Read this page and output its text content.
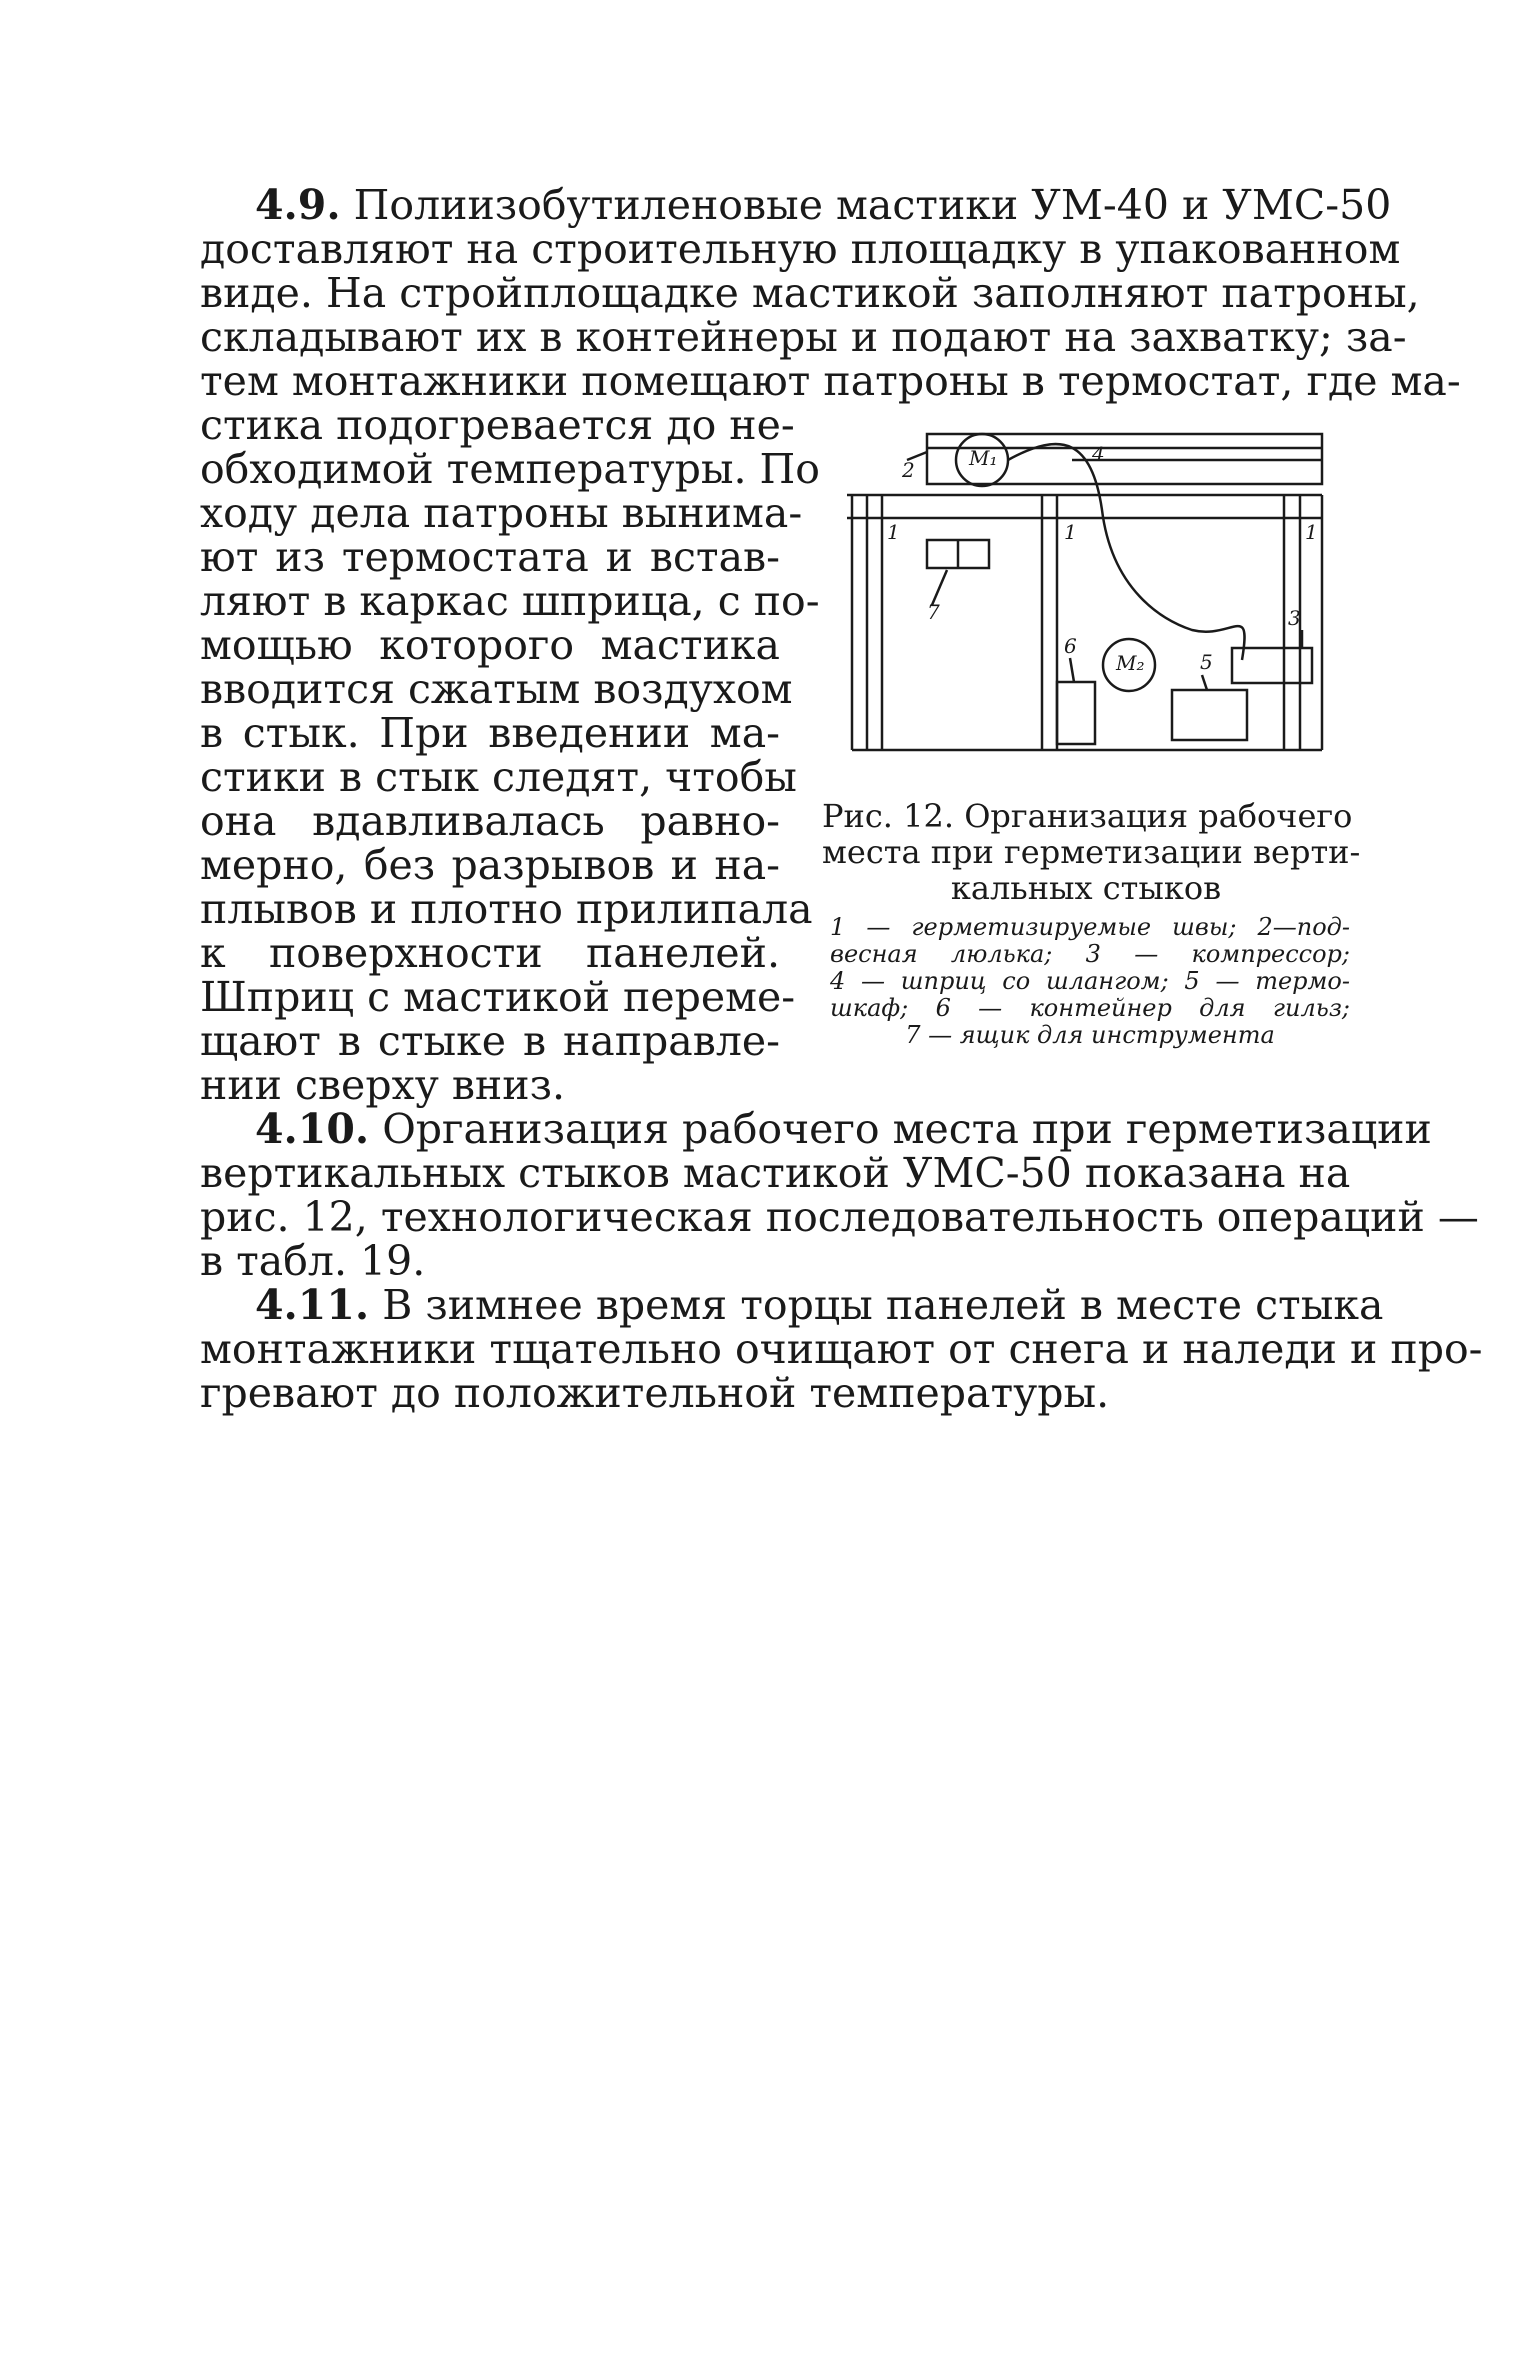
4.9. Полиизобутиленовые мастики УМ-40 и УМС-50
доставляют на строительную площадку в упакованном
виде. На стройплощадке мастикой заполняют патроны,
складывают их в контейнеры и подают на захватку; за-
тем монтажники помещают патроны в термостат, где ма-
стика подогревается до не-
обходимой температуры. По
ходу дела патроны вынима-
ют из термостата и встав-
ляют в каркас шприца, с по-
мощью которого мастика
вводится сжатым воздухом
в стык. При введении ма-
стики в стык следят, чтобы
она вдавливалась равно-
мерно, без разрывов и на-
плывов и плотно прилипала
к поверхности панелей.
Шприц с мастикой переме-
щают в стыке в направле-
нии сверху вниз.
4.10. Организация рабочего места при герметизации
вертикальных стыков мастикой УМС-50 показана на
рис. 12, технологическая последовательность операций —
в табл. 19.
4.11. В зимнее время торцы панелей в месте стыка
монтажники тщательно очищают от снега и наледи и про-
гревают до положительной температуры.
M₁
M₂
2
4
1	1	1
7
6
5
3
Рис. 12. Организация рабочего
места при герметизации верти-
кальных стыков
1 — герметизируемые швы; 2—под-
весная люлька; 3 — компрессор;
4 — шприц со шлангом; 5 — термо-
шкаф; 6 — контейнер для гильз;
7 — ящик для инструмента
